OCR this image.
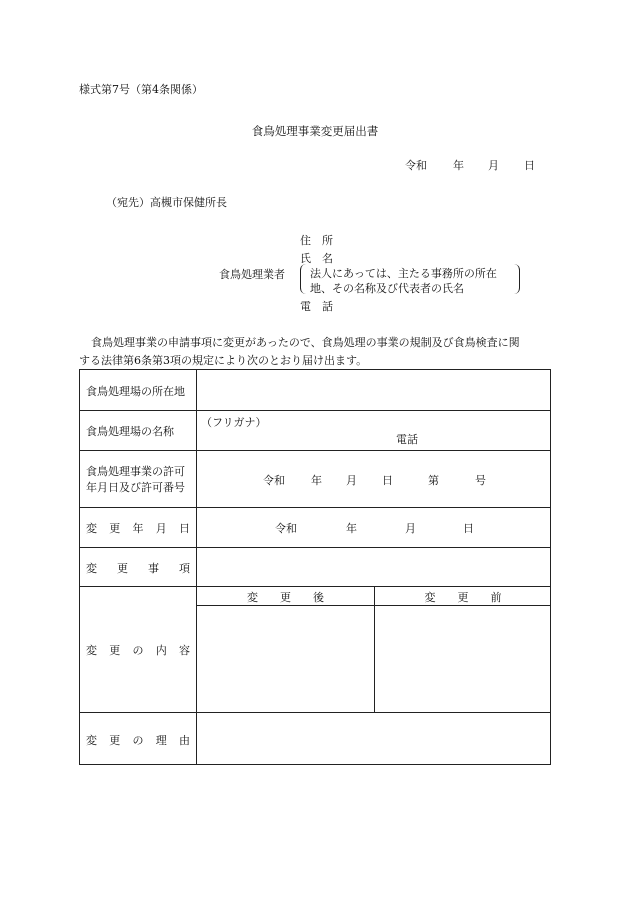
様式第7号（第4条関係）
食鳥処理事業変更届出書
令和 年 月 日
（宛先）高槻市保健所長
食鳥処理業者
住　所
氏　名
法人にあっては、主たる事務所の所在
地、その名称及び代表者の氏名
電　話
食鳥処理事業の申請事項に変更があったので、食鳥処理の事業の規制及び食鳥検査に関
する法律第6条第3項の規定により次のとおり届け出ます。
食鳥処理場の所在地
食鳥処理場の名称
（フリガナ）
電話
食鳥処理事業の許可
年月日及び許可番号
令和 年 月 日	第	号
変 更 年 月 日	令和	年	月	日
変 更 事 項
変 更 の 内 容
変　　更　　後	変　　更　　前
変 更 の 理 由
